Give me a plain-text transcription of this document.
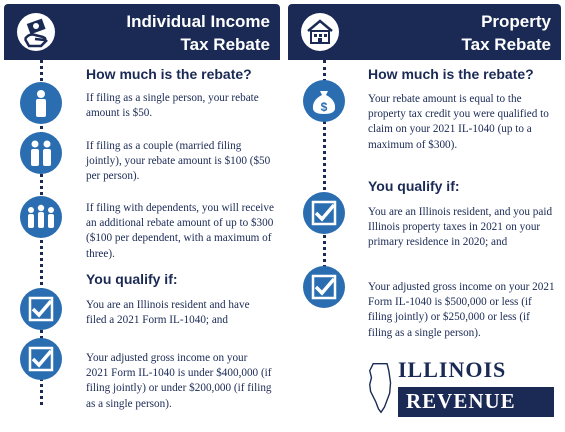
Individual Income
Tax Rebate
How much is the rebate?
If filing as a single person, your rebate amount is $50.
If filing as a couple (married filing jointly), your rebate amount is $100 ($50 per person).
If filing with dependents, you will receive an additional rebate amount of up to $300 ($100 per dependent, with a maximum of three).
You qualify if:
You are an Illinois resident and have filed a 2021 Form IL-1040; and
Your adjusted gross income on your 2021 Form IL-1040 is under $400,000 (if filing jointly) or under $200,000 (if filing as a single person).
Property
Tax Rebate
$
How much is the rebate?
Your rebate amount is equal to the property tax credit you were qualified to claim on your 2021 IL-1040 (up to a maximum of $300).
You qualify if:
You are an Illinois resident, and you paid Illinois property taxes in 2021 on your primary residence in 2020; and
Your adjusted gross income on your 2021 Form IL-1040 is $500,000 or less (if filing jointly) or $250,000 or less (if filing as a single person).
ILLINOIS
REVENUE
